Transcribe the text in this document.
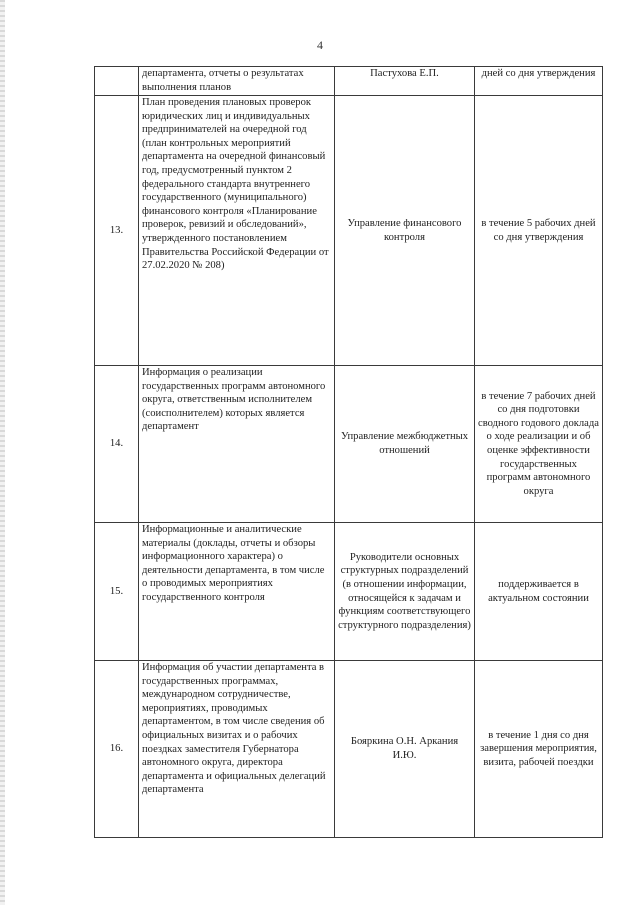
4
	департамента, отчеты о результатах выполнения планов	Пастухова Е.П.	дней со дня утверждения
13.	План проведения плановых проверок юридических лиц и индивидуальных предпринимателей на очередной год (план контрольных мероприятий департамента на очередной финансовый год, предусмотренный пунктом 2 федерального стандарта внутреннего государственного (муниципального) финансового контроля «Планирование проверок, ревизий и обследований», утвержденного постановлением Правительства Российской Федерации от 27.02.2020 № 208)	Управление финансового контроля	в течение 5 рабочих дней со дня утверждения
14.	Информация о реализации государственных программ автономного округа, ответственным исполнителем (соисполнителем) которых является департамент	Управление межбюджетных отношений	в течение 7 рабочих дней со дня подготовки сводного годового доклада о ходе реализации и об оценке эффективности государственных программ автономного округа
15.	Информационные и аналитические материалы (доклады, отчеты и обзоры информационного характера) о деятельности департамента, в том числе о проводимых мероприятиях государственного контроля	Руководители основных структурных подразделений (в отношении информации, относящейся к задачам и функциям соответствующего структурного подразделения)	поддерживается в актуальном состоянии
16.	Информация об участии департамента в государственных программах, международном сотрудничестве, мероприятиях, проводимых департаментом, в том числе сведения об официальных визитах и о рабочих поездках заместителя Губернатора автономного округа, директора департамента и официальных делегаций департамента	Бояркина О.Н. Аркания И.Ю.	в течение 1 дня со дня завершения мероприятия, визита, рабочей поездки
